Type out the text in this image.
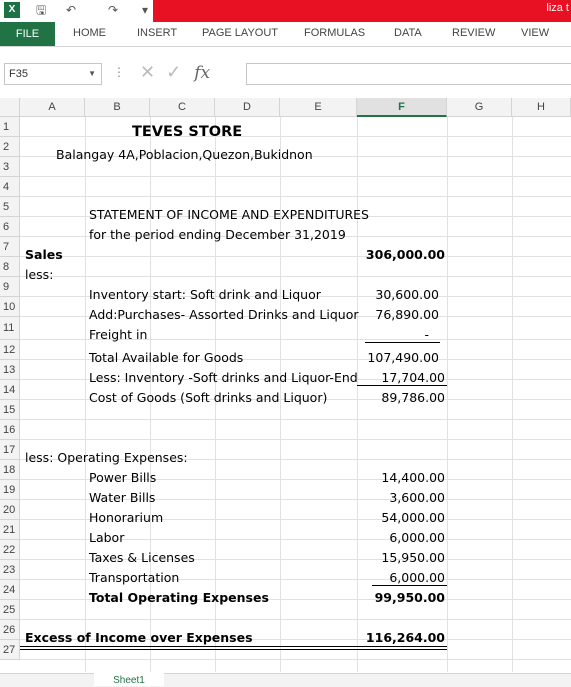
X	🖫 ↶	↷ ▾	liza t
FILE	HOME	INSERT PAGE LAYOUT FORMULAS	DATA	REVIEW VIEW
F35	▼ ⋮ ✕ ✓ fx
A	B	C	D	E	F	G	H
1
2
3
4
5
6
7
8
9
10
11
12
13
14
15
16
17
18
19
20
21
22
23
24
25
26
27
TEVES STORE
Balangay 4A,Poblacion,Quezon,Bukidnon
STATEMENT OF INCOME AND EXPENDITURES
for the period ending December 31,2019
Sales	306,000.00
less:
Inventory start: Soft drink and Liquor	30,600.00
Add:Purchases- Assorted Drinks and Liquor	76,890.00
Freight in	-
Total Available for Goods	107,490.00
Less: Inventory -Soft drinks and Liquor-End	17,704.00
Cost of Goods (Soft drinks and Liquor)	89,786.00
less: Operating Expenses:
Power Bills	14,400.00
Water Bills	3,600.00
Honorarium	54,000.00
Labor	6,000.00
Taxes & Licenses	15,950.00
Transportation	6,000.00
Total Operating Expenses	99,950.00
Excess of Income over Expenses	116,264.00
Sheet1
